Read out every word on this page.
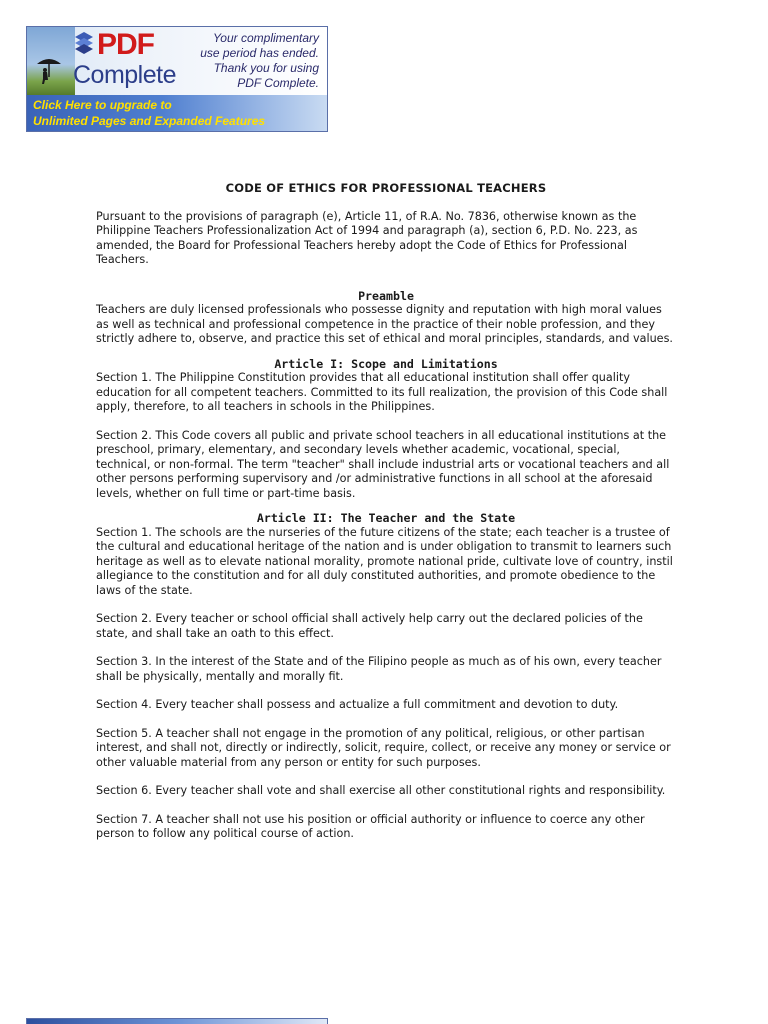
PDF
Complete
Your complimentary
use period has ended.
Thank you for using
PDF Complete.
Click Here to upgrade to
Unlimited Pages and Expanded Features

CODE OF ETHICS FOR PROFESSIONAL TEACHERS

Pursuant to the provisions of paragraph (e), Article 11, of R.A. No. 7836, otherwise known as the Philippine Teachers Professionalization Act of 1994 and paragraph (a), section 6, P.D. No. 223, as amended, the Board for Professional Teachers hereby adopt the Code of Ethics for Professional Teachers.

Preamble

Teachers are duly licensed professionals who possesse dignity and reputation with high moral values as well as technical and professional competence in the practice of their noble profession, and they strictly adhere to, observe, and practice this set of ethical and moral principles, standards, and values.

Article I: Scope and Limitations

Section 1. The Philippine Constitution provides that all educational institution shall offer quality education for all competent teachers. Committed to its full realization, the provision of this Code shall apply, therefore, to all teachers in schools in the Philippines.

Section 2. This Code covers all public and private school teachers in all educational institutions at the preschool, primary, elementary, and secondary levels whether academic, vocational, special, technical, or non-formal. The term "teacher" shall include industrial arts or vocational teachers and all other persons performing supervisory and /or administrative functions in all school at the aforesaid levels, whether on full time or part-time basis.

Article II: The Teacher and the State

Section 1. The schools are the nurseries of the future citizens of the state; each teacher is a trustee of the cultural and educational heritage of the nation and is under obligation to transmit to learners such heritage as well as to elevate national morality, promote national pride, cultivate love of country, instil allegiance to the constitution and for all duly constituted authorities, and promote obedience to the laws of the state.

Section 2. Every teacher or school official shall actively help carry out the declared policies of the state, and shall take an oath to this effect.

Section 3. In the interest of the State and of the Filipino people as much as of his own, every teacher shall be physically, mentally and morally fit.

Section 4. Every teacher shall possess and actualize a full commitment and devotion to duty.

Section 5. A teacher shall not engage in the promotion of any political, religious, or other partisan interest, and shall not, directly or indirectly, solicit, require, collect, or receive any money or service or other valuable material from any person or entity for such purposes.

Section 6. Every teacher shall vote and shall exercise all other constitutional rights and responsibility.

Section 7. A teacher shall not use his position or official authority or influence to coerce any other person to follow any political course of action.
